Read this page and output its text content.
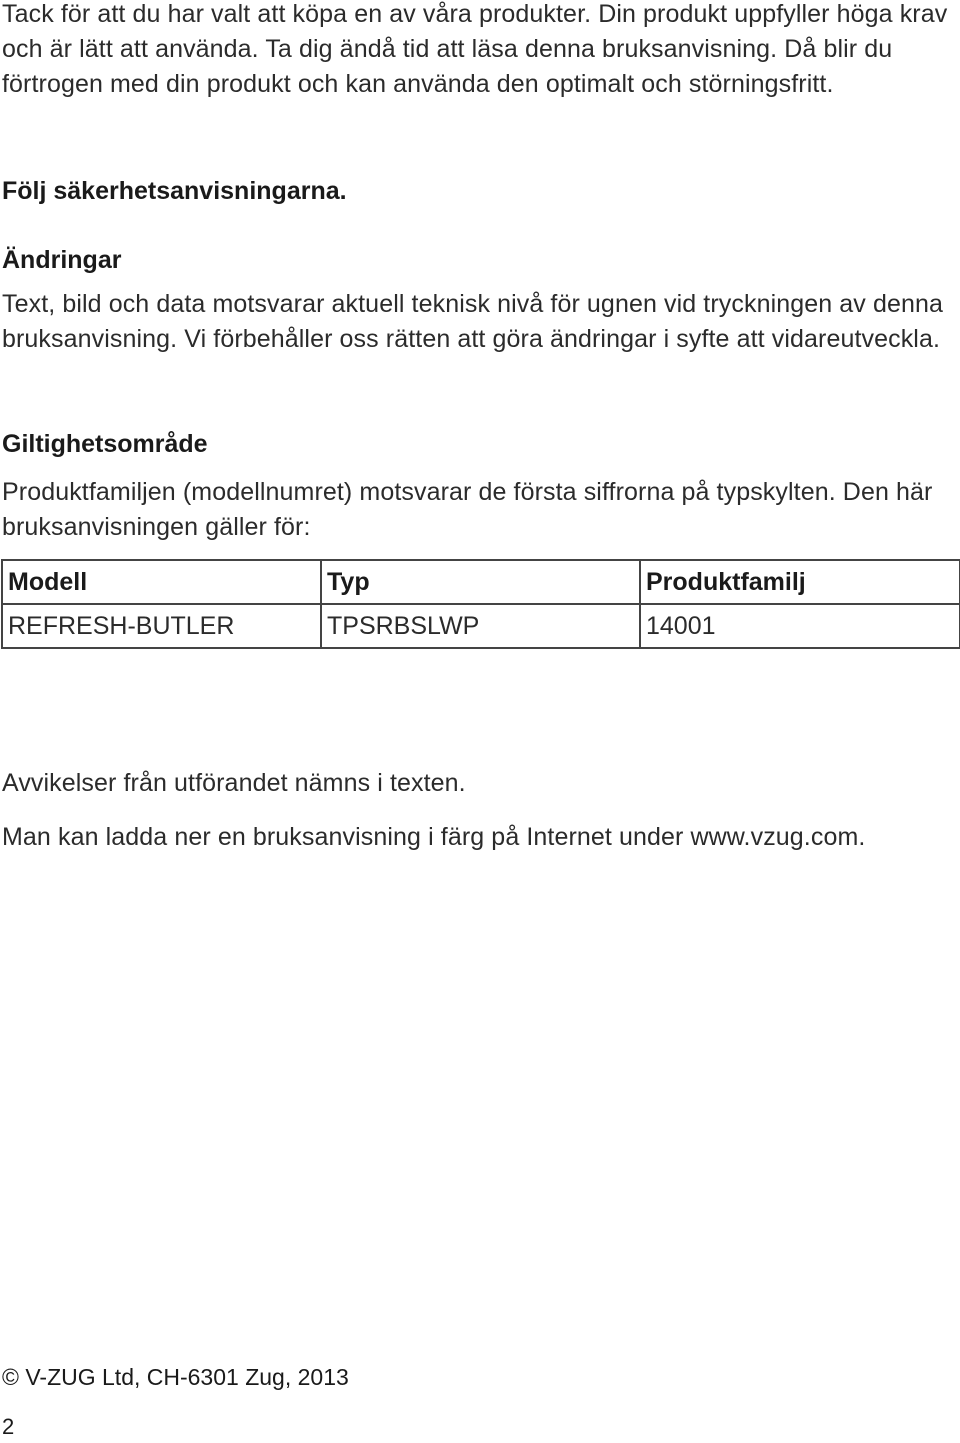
Tack för att du har valt att köpa en av våra produkter. Din produkt uppfyller höga krav och är lätt att använda. Ta dig ändå tid att läsa denna bruksanvisning. Då blir du förtrogen med din produkt och kan använda den optimalt och störningsfritt.

Följ säkerhetsanvisningarna.

Ändringar

Text, bild och data motsvarar aktuell teknisk nivå för ugnen vid tryckningen av denna bruksanvisning. Vi förbehåller oss rätten att göra ändringar i syfte att vidareutveckla.

Giltighetsområde

Produktfamiljen (modellnumret) motsvarar de första siffrorna på typskylten. Den här bruksanvisningen gäller för:

Modell	Typ	Produktfamilj
REFRESH-BUTLER	TPSRBSLWP	14001

Avvikelser från utförandet nämns i texten.

Man kan ladda ner en bruksanvisning i färg på Internet under www.vzug.com.

© V-ZUG Ltd, CH-6301 Zug, 2013

2
